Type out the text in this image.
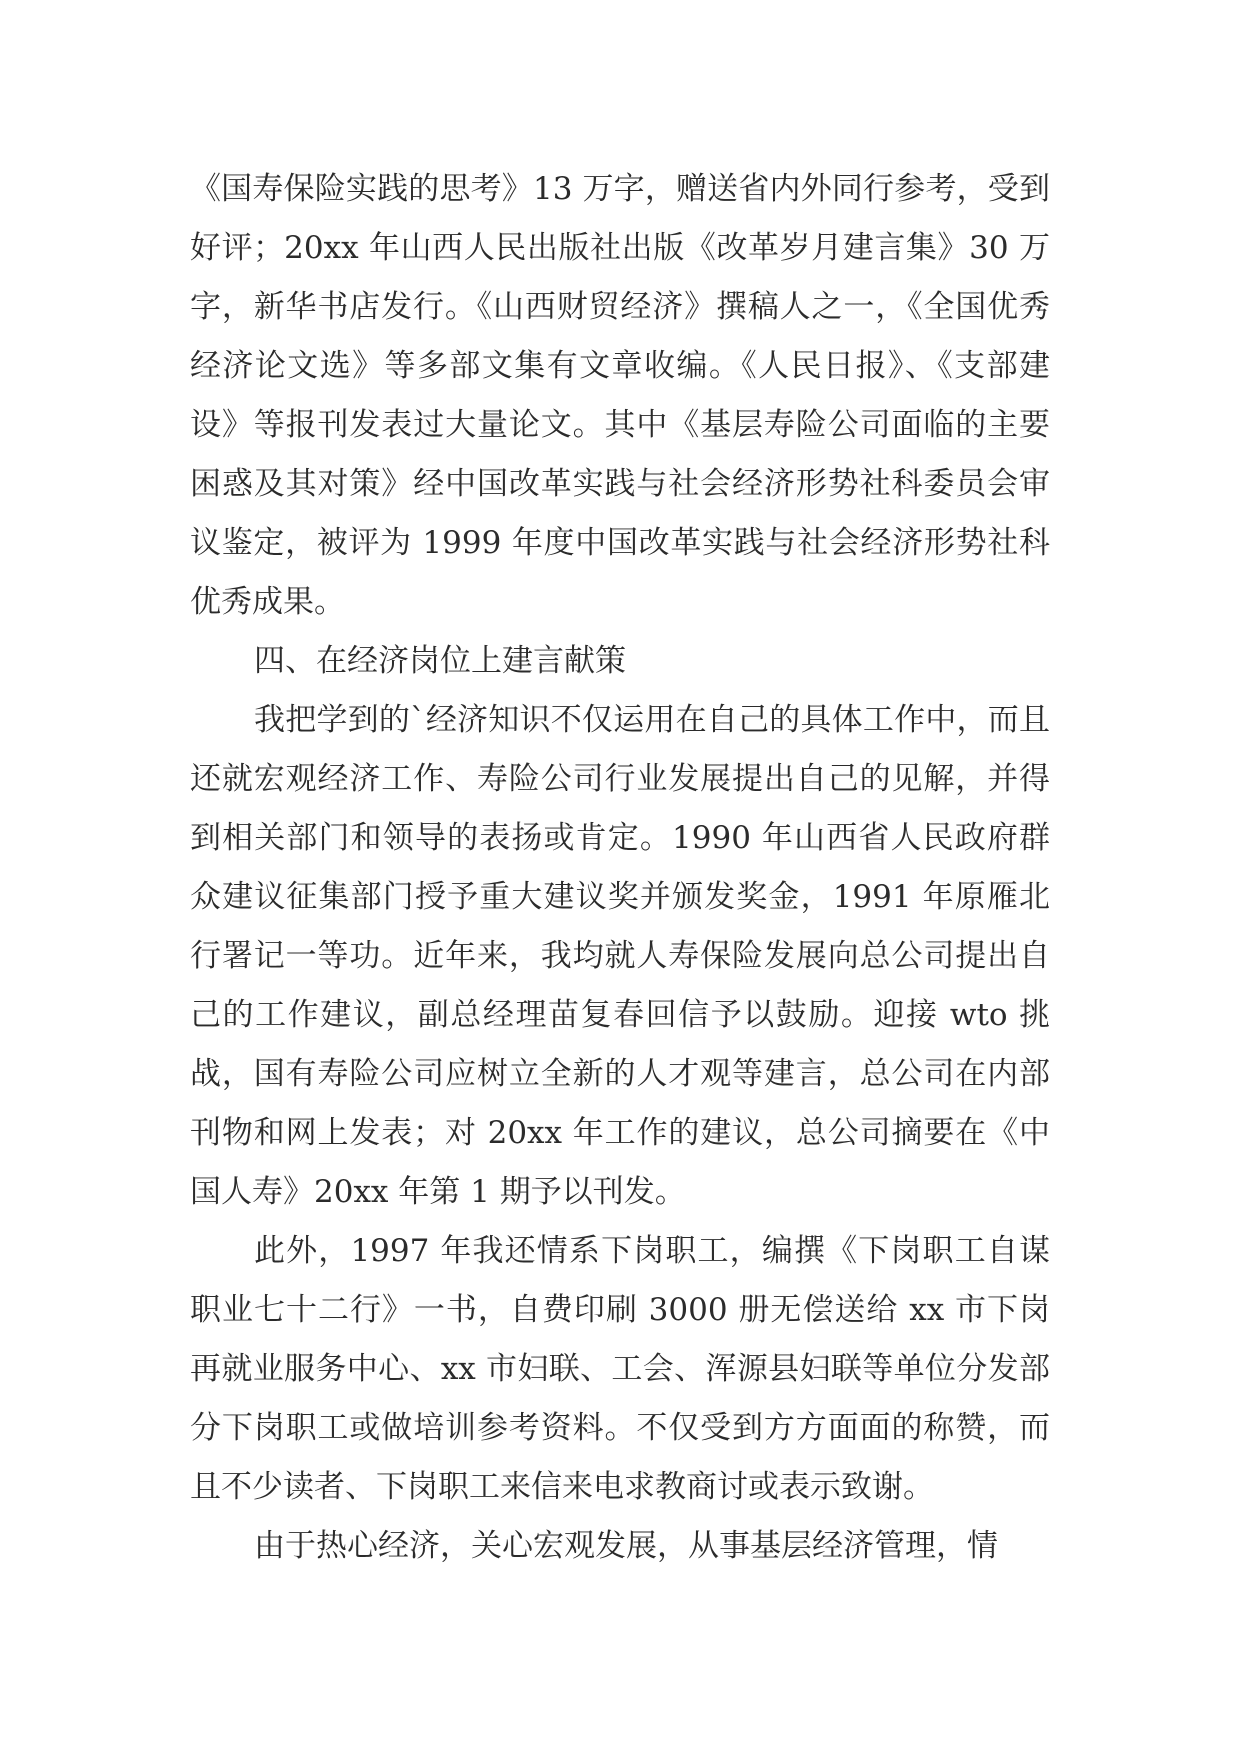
《国寿保险实践的思考》13 万字，赠送省内外同行参考，受到好评；20xx 年山西人民出版社出版《改革岁月建言集》30 万字，新华书店发行。《山西财贸经济》撰稿人之一，《全国优秀经济论文选》等多部文集有文章收编。《人民日报》、《支部建设》等报刊发表过大量论文。其中《基层寿险公司面临的主要困惑及其对策》经中国改革实践与社会经济形势社科委员会审议鉴定，被评为 1999 年度中国改革实践与社会经济形势社科优秀成果。

四、在经济岗位上建言献策

我把学到的`经济知识不仅运用在自己的具体工作中，而且还就宏观经济工作、寿险公司行业发展提出自己的见解，并得到相关部门和领导的表扬或肯定。1990 年山西省人民政府群众建议征集部门授予重大建议奖并颁发奖金，1991 年原雁北行署记一等功。近年来，我均就人寿保险发展向总公司提出自己的工作建议，副总经理苗复春回信予以鼓励。迎接 wto 挑战，国有寿险公司应树立全新的人才观等建言，总公司在内部刊物和网上发表；对 20xx 年工作的建议，总公司摘要在《中国人寿》20xx 年第 1 期予以刊发。

此外，1997 年我还情系下岗职工，编撰《下岗职工自谋职业七十二行》一书，自费印刷 3000 册无偿送给 xx 市下岗再就业服务中心、xx 市妇联、工会、浑源县妇联等单位分发部分下岗职工或做培训参考资料。不仅受到方方面面的称赞，而且不少读者、下岗职工来信来电求教商讨或表示致谢。

由于热心经济，关心宏观发展，从事基层经济管理，情
